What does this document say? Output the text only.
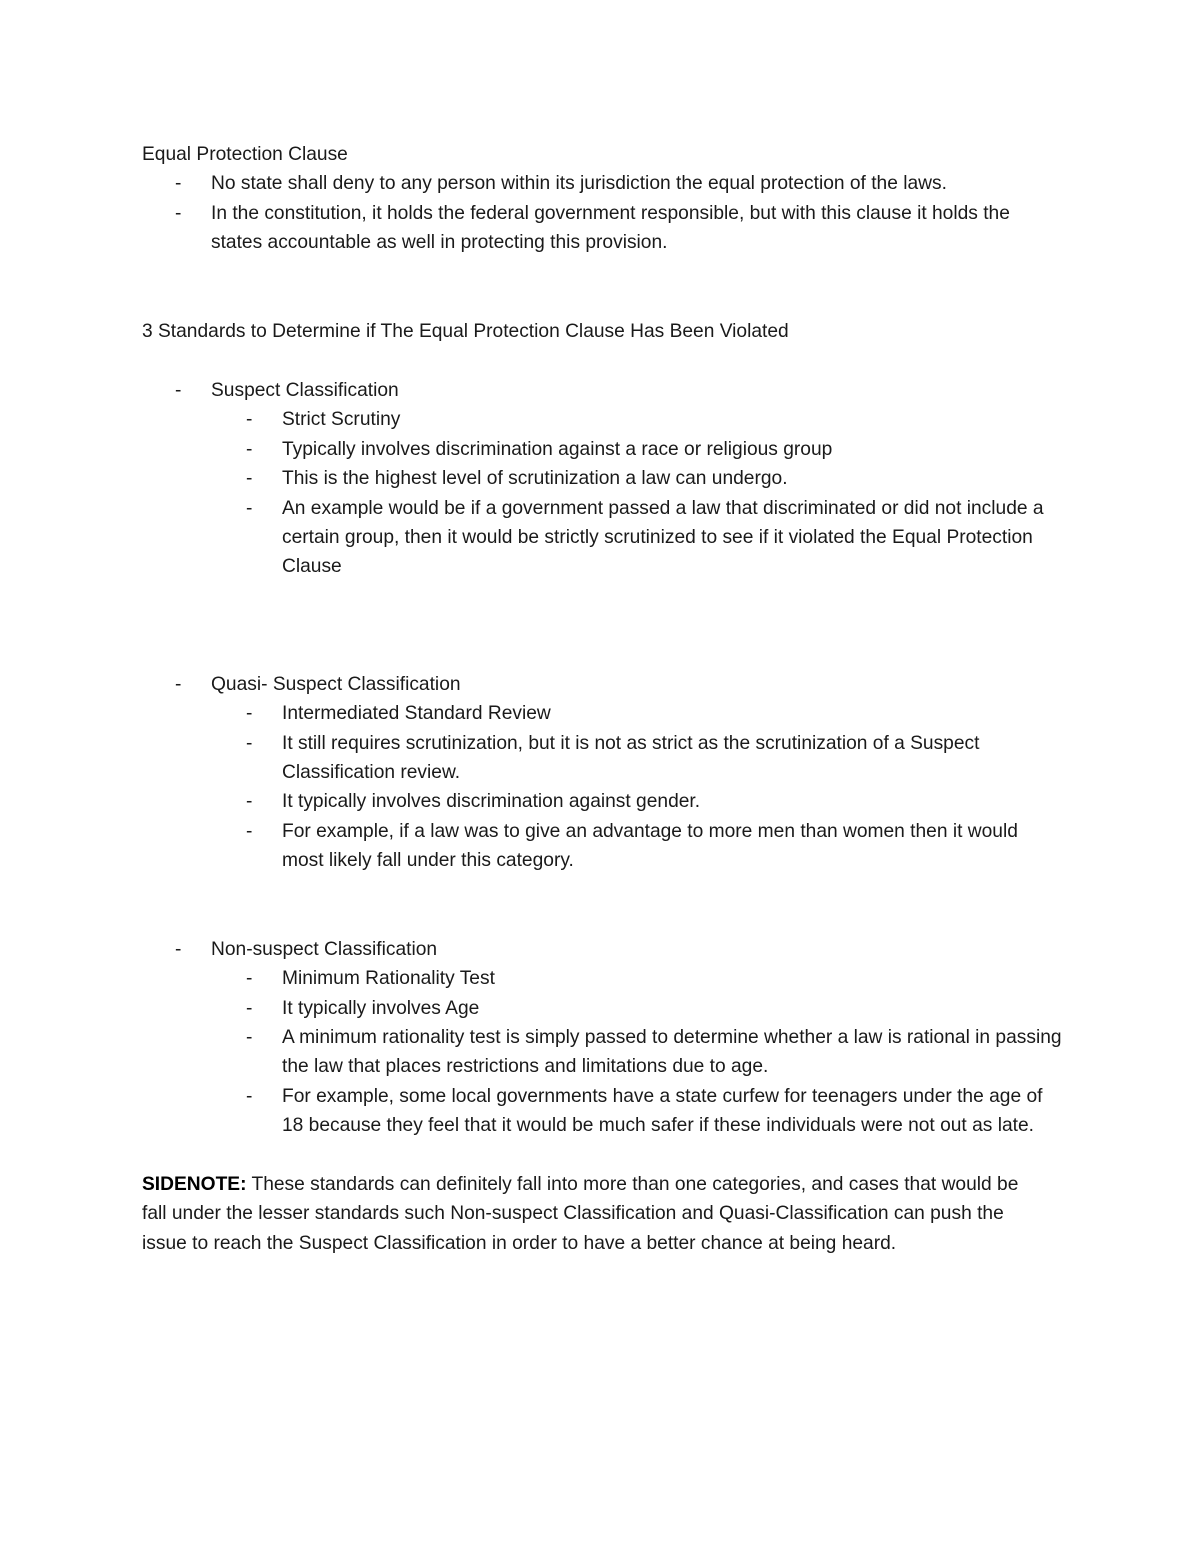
Equal Protection Clause
-	No state shall deny to any person within its jurisdiction the equal protection of the laws.
-	In the constitution, it holds the federal government responsible, but with this clause it holds the states accountable as well in protecting this provision.
3 Standards to Determine if The Equal Protection Clause Has Been Violated
-	Suspect Classification
-	Strict Scrutiny
-	Typically involves discrimination against a race or religious group
-	This is the highest level of scrutinization a law can undergo.
-	An example would be if a government passed a law that discriminated or did not include a certain group, then it would be strictly scrutinized to see if it violated the Equal Protection Clause
-	Quasi- Suspect Classification
-	Intermediated Standard Review
-	It still requires scrutinization, but it is not as strict as the scrutinization of a Suspect Classification review.
-	It typically involves discrimination against gender.
-	For example, if a law was to give an advantage to more men than women then it would most likely fall under this category.
-	Non-suspect Classification
-	Minimum Rationality Test
-	It typically involves Age
-	A minimum rationality test is simply passed to determine whether a law is rational in passing the law that places restrictions and limitations due to age.
-	For example, some local governments have a state curfew for teenagers under the age of 18 because they feel that it would be much safer if these individuals were not out as late.
SIDENOTE: These standards can definitely fall into more than one categories, and cases that would be fall under the lesser standards such Non-suspect Classification and Quasi-Classification can push the issue to reach the Suspect Classification in order to have a better chance at being heard.
